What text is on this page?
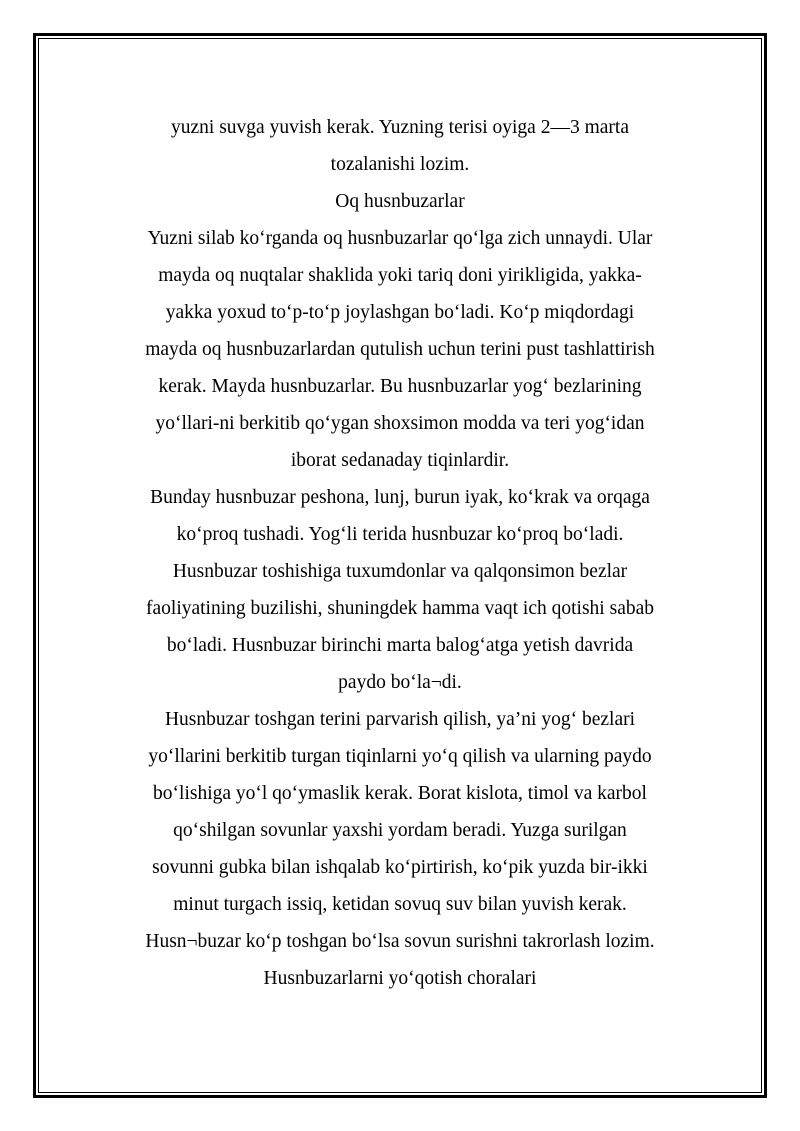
yuzni suvga yuvish kerak. Yuzning terisi oyiga 2—3 marta

tozalanishi lozim.

Oq husnbuzarlar

Yuzni silab ko‘rganda oq husnbuzarlar qo‘lga zich unnaydi. Ular

mayda oq nuqtalar shaklida yoki tariq doni yirikligida, yakka-

yakka yoxud to‘p-to‘p joylashgan bo‘ladi. Ko‘p miqdordagi

mayda oq husnbuzarlardan qutulish uchun terini pust tashlattirish

kerak. Mayda husnbuzarlar. Bu husnbuzarlar yog‘ bezlarining

yo‘llari-ni berkitib qo‘ygan shoxsimon modda va teri yog‘idan

iborat sedanaday tiqinlardir.

Bunday husnbuzar peshona, lunj, burun iyak, ko‘krak va orqaga

ko‘proq tushadi. Yog‘li terida husnbuzar ko‘proq bo‘ladi.

Husnbuzar toshishiga tuxumdonlar va qalqonsimon bezlar

faoliyatining buzilishi, shuningdek hamma vaqt ich qotishi sabab

bo‘ladi. Husnbuzar birinchi marta balog‘atga yetish davrida

paydo bo‘la¬di.

Husnbuzar toshgan terini parvarish qilish, ya’ni yog‘ bezlari

yo‘llarini berkitib turgan tiqinlarni yo‘q qilish va ularning paydo

bo‘lishiga yo‘l qo‘ymaslik kerak. Borat kislota, timol va karbol

qo‘shilgan sovunlar yaxshi yordam beradi. Yuzga surilgan

sovunni gubka bilan ishqalab ko‘pirtirish, ko‘pik yuzda bir-ikki

minut turgach issiq, ketidan sovuq suv bilan yuvish kerak.

Husn¬buzar ko‘p toshgan bo‘lsa sovun surishni takrorlash lozim.

Husnbuzarlarni yo‘qotish choralari
